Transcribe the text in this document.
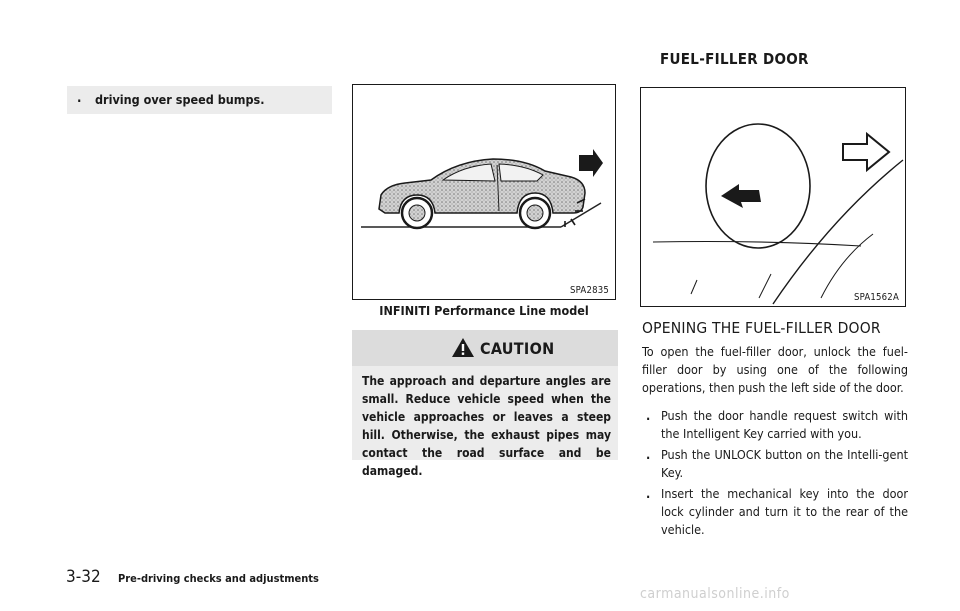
. driving over speed bumps.
SPA2835
INFINITI Performance Line model
CAUTION

The approach and departure angles are small. Reduce vehicle speed when the vehicle approaches or leaves a steep hill. Otherwise, the exhaust pipes may contact the road surface and be damaged.

FUEL-FILLER DOOR
SPA1562A
OPENING THE FUEL-FILLER DOOR

To open the fuel-filler door, unlock the fuel-filler door by using one of the following operations, then push the left side of the door.

. Push the door handle request switch with the Intelligent Key carried with you.
. Push the UNLOCK button on the Intelli-gent Key.
. Insert the mechanical key into the door lock cylinder and turn it to the rear of the vehicle.
3-32 Pre-driving checks and adjustments
carmanualsonline.info
